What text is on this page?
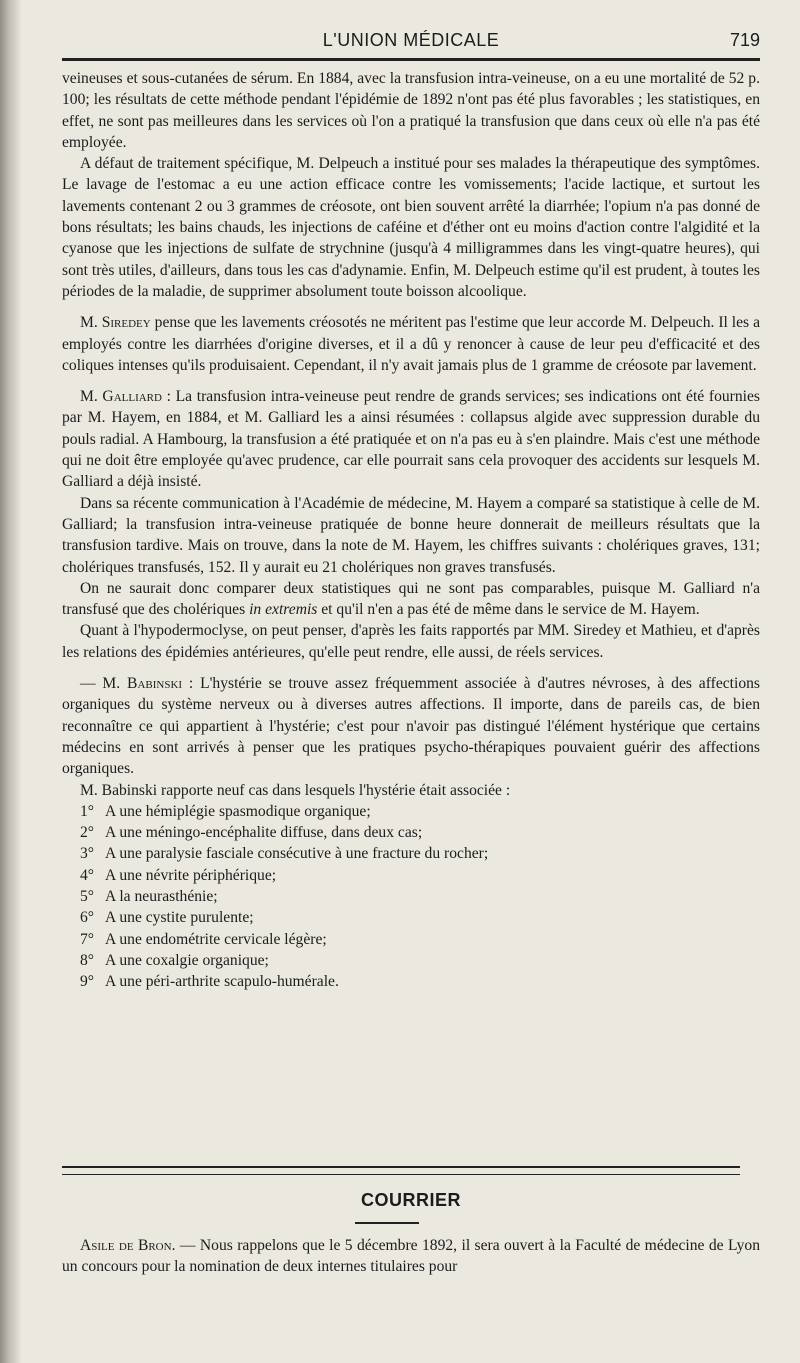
L'UNION MÉDICALE	719

veineuses et sous-cutanées de sérum. En 1884, avec la transfusion intra-veineuse, on a eu une mortalité de 52 p. 100; les résultats de cette méthode pendant l'épidémie de 1892 n'ont pas été plus favorables ; les statistiques, en effet, ne sont pas meilleures dans les services où l'on a pratiqué la transfusion que dans ceux où elle n'a pas été employée.

A défaut de traitement spécifique, M. Delpeuch a institué pour ses malades la thérapeutique des symptômes. Le lavage de l'estomac a eu une action efficace contre les vomissements; l'acide lactique, et surtout les lavements contenant 2 ou 3 grammes de créosote, ont bien souvent arrêté la diarrhée; l'opium n'a pas donné de bons résultats; les bains chauds, les injections de caféine et d'éther ont eu moins d'action contre l'algidité et la cyanose que les injections de sulfate de strychnine (jusqu'à 4 milligrammes dans les vingt-quatre heures), qui sont très utiles, d'ailleurs, dans tous les cas d'adynamie. Enfin, M. Delpeuch estime qu'il est prudent, à toutes les périodes de la maladie, de supprimer absolument toute boisson alcoolique.

M. Siredey pense que les lavements créosotés ne méritent pas l'estime que leur accorde M. Delpeuch. Il les a employés contre les diarrhées d'origine diverses, et il a dû y renoncer à cause de leur peu d'efficacité et des coliques intenses qu'ils produisaient. Cependant, il n'y avait jamais plus de 1 gramme de créosote par lavement.

M. Galliard : La transfusion intra-veineuse peut rendre de grands services; ses indications ont été fournies par M. Hayem, en 1884, et M. Galliard les a ainsi résumées : collapsus algide avec suppression durable du pouls radial. A Hambourg, la transfusion a été pratiquée et on n'a pas eu à s'en plaindre. Mais c'est une méthode qui ne doit être employée qu'avec prudence, car elle pourrait sans cela provoquer des accidents sur lesquels M. Galliard a déjà insisté.

Dans sa récente communication à l'Académie de médecine, M. Hayem a comparé sa statistique à celle de M. Galliard; la transfusion intra-veineuse pratiquée de bonne heure donnerait de meilleurs résultats que la transfusion tardive. Mais on trouve, dans la note de M. Hayem, les chiffres suivants : cholériques graves, 131; cholériques transfusés, 152. Il y aurait eu 21 cholériques non graves transfusés.

On ne saurait donc comparer deux statistiques qui ne sont pas comparables, puisque M. Galliard n'a transfusé que des cholériques in extremis et qu'il n'en a pas été de même dans le service de M. Hayem.

Quant à l'hypodermoclyse, on peut penser, d'après les faits rapportés par MM. Siredey et Mathieu, et d'après les relations des épidémies antérieures, qu'elle peut rendre, elle aussi, de réels services.

— M. Babinski : L'hystérie se trouve assez fréquemment associée à d'autres névroses, à des affections organiques du système nerveux ou à diverses autres affections. Il importe, dans de pareils cas, de bien reconnaître ce qui appartient à l'hystérie; c'est pour n'avoir pas distingué l'élément hystérique que certains médecins en sont arrivés à penser que les pratiques psycho-thérapiques pouvaient guérir des affections organiques.

M. Babinski rapporte neuf cas dans lesquels l'hystérie était associée :

1° A une hémiplégie spasmodique organique;
2° A une méningo-encéphalite diffuse, dans deux cas;
3° A une paralysie fasciale consécutive à une fracture du rocher;
4° A une névrite périphérique;
5° A la neurasthénie;
6° A une cystite purulente;
7° A une endométrite cervicale légère;
8° A une coxalgie organique;
9° A une péri-arthrite scapulo-humérale.
COURRIER

Asile de Bron. — Nous rappelons que le 5 décembre 1892, il sera ouvert à la Faculté de médecine de Lyon un concours pour la nomination de deux internes titulaires pour
